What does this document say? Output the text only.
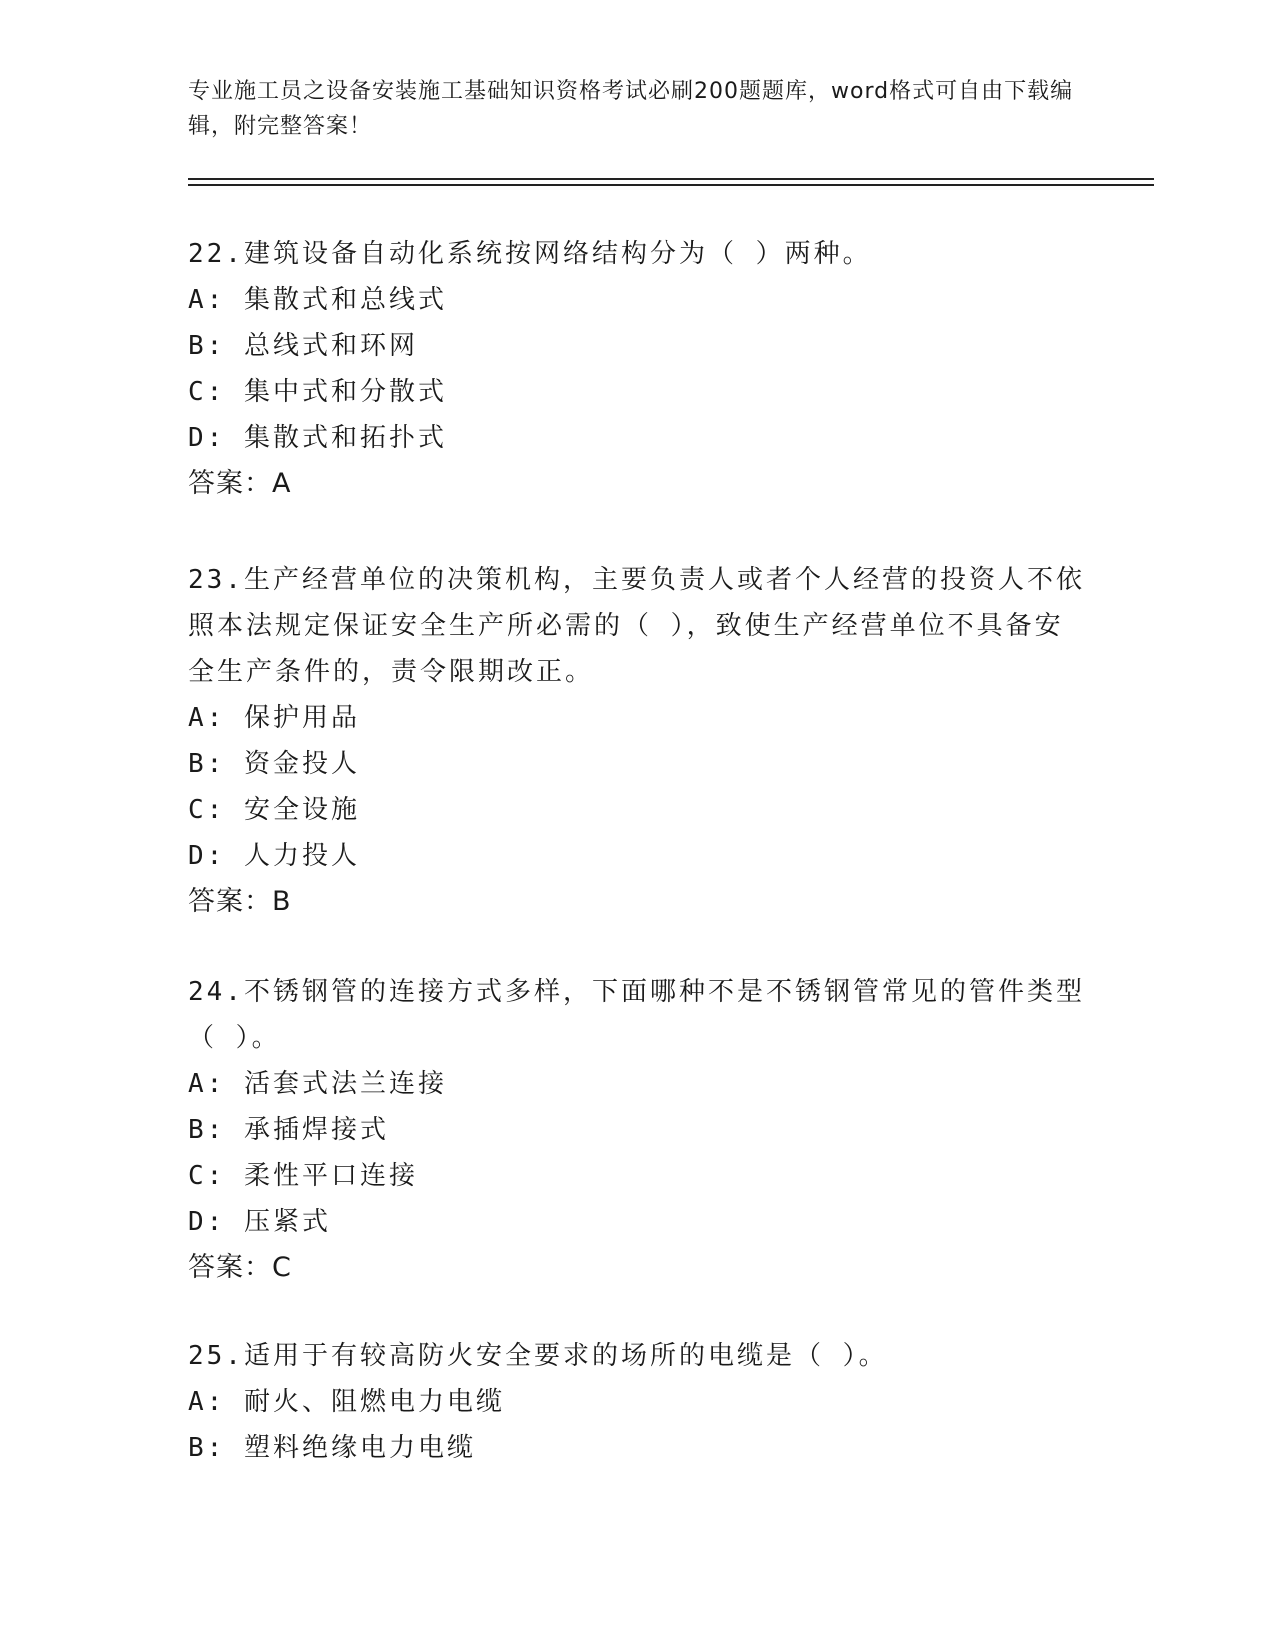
专业施工员之设备安装施工基础知识资格考试必刷200题题库，word格式可自由下载编辑，附完整答案！
22.建筑设备自动化系统按网络结构分为（ ）两种。
A: 集散式和总线式
B: 总线式和环网
C: 集中式和分散式
D: 集散式和拓扑式
答案：A
23.生产经营单位的决策机构，主要负责人或者个人经营的投资人不依照本法规定保证安全生产所必需的（ ），致使生产经营单位不具备安全生产条件的，责令限期改正。
A: 保护用品
B: 资金投人
C: 安全设施
D: 人力投人
答案：B
24.不锈钢管的连接方式多样，下面哪种不是不锈钢管常见的管件类型（ ）。
A: 活套式法兰连接
B: 承插焊接式
C: 柔性平口连接
D: 压紧式
答案：C
25.适用于有较高防火安全要求的场所的电缆是（ ）。
A: 耐火、阻燃电力电缆
B: 塑料绝缘电力电缆
